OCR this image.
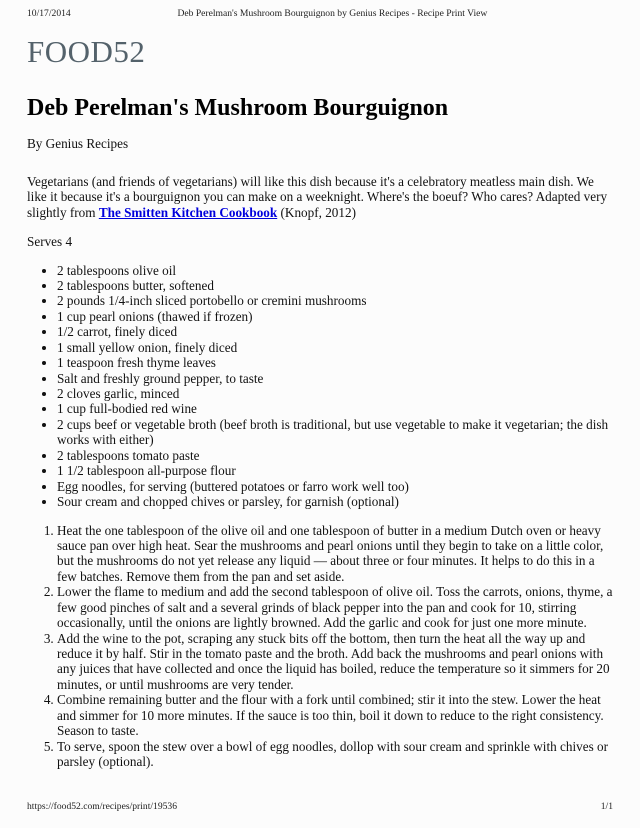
10/17/2014	Deb Perelman's Mushroom Bourguignon by Genius Recipes - Recipe Print View
FOOD52
Deb Perelman's Mushroom Bourguignon

By Genius Recipes

Vegetarians (and friends of vegetarians) will like this dish because it's a celebratory meatless main dish. We like it because it's a bourguignon you can make on a weeknight. Where's the boeuf? Who cares? Adapted very slightly from The Smitten Kitchen Cookbook (Knopf, 2012)

Serves 4

• 2 tablespoons olive oil
• 2 tablespoons butter, softened
• 2 pounds 1/4-inch sliced portobello or cremini mushrooms
• 1 cup pearl onions (thawed if frozen)
• 1/2 carrot, finely diced
• 1 small yellow onion, finely diced
• 1 teaspoon fresh thyme leaves
• Salt and freshly ground pepper, to taste
• 2 cloves garlic, minced
• 1 cup full-bodied red wine
• 2 cups beef or vegetable broth (beef broth is traditional, but use vegetable to make it vegetarian; the dish works with either)
• 2 tablespoons tomato paste
• 1 1/2 tablespoon all-purpose flour
• Egg noodles, for serving (buttered potatoes or farro work well too)
• Sour cream and chopped chives or parsley, for garnish (optional)
1. Heat the one tablespoon of the olive oil and one tablespoon of butter in a medium Dutch oven or heavy sauce pan over high heat. Sear the mushrooms and pearl onions until they begin to take on a little color, but the mushrooms do not yet release any liquid — about three or four minutes. It helps to do this in a few batches. Remove them from the pan and set aside.
2. Lower the flame to medium and add the second tablespoon of olive oil. Toss the carrots, onions, thyme, a few good pinches of salt and a several grinds of black pepper into the pan and cook for 10, stirring occasionally, until the onions are lightly browned. Add the garlic and cook for just one more minute.
3. Add the wine to the pot, scraping any stuck bits off the bottom, then turn the heat all the way up and reduce it by half. Stir in the tomato paste and the broth. Add back the mushrooms and pearl onions with any juices that have collected and once the liquid has boiled, reduce the temperature so it simmers for 20 minutes, or until mushrooms are very tender.
4. Combine remaining butter and the flour with a fork until combined; stir it into the stew. Lower the heat and simmer for 10 more minutes. If the sauce is too thin, boil it down to reduce to the right consistency. Season to taste.
5. To serve, spoon the stew over a bowl of egg noodles, dollop with sour cream and sprinkle with chives or parsley (optional).
https://food52.com/recipes/print/19536	1/1
